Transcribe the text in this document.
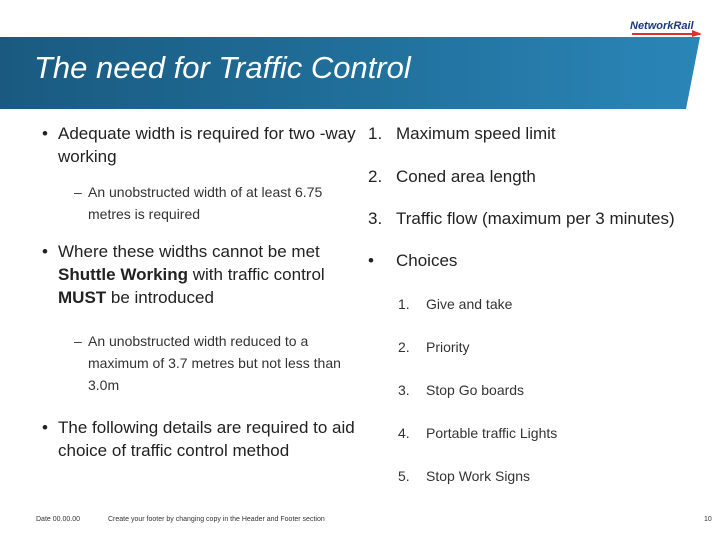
NetworkRail
The need for Traffic Control
• Adequate width is required for two -way working
– An unobstructed width of at least 6.75 metres is required
• Where these widths cannot be met Shuttle Working with traffic control MUST be introduced
– An unobstructed width reduced to a maximum of 3.7 metres but not less than 3.0m
• The following details are required to aid choice of traffic control method
1. Maximum speed limit
2. Coned area length
3. Traffic flow (maximum per 3 minutes)
• Choices
1. Give and take
2. Priority
3. Stop Go boards
4. Portable traffic Lights
5. Stop Work Signs
Date 00.00.00	Create your footer by changing copy in the Header and Footer section	10
